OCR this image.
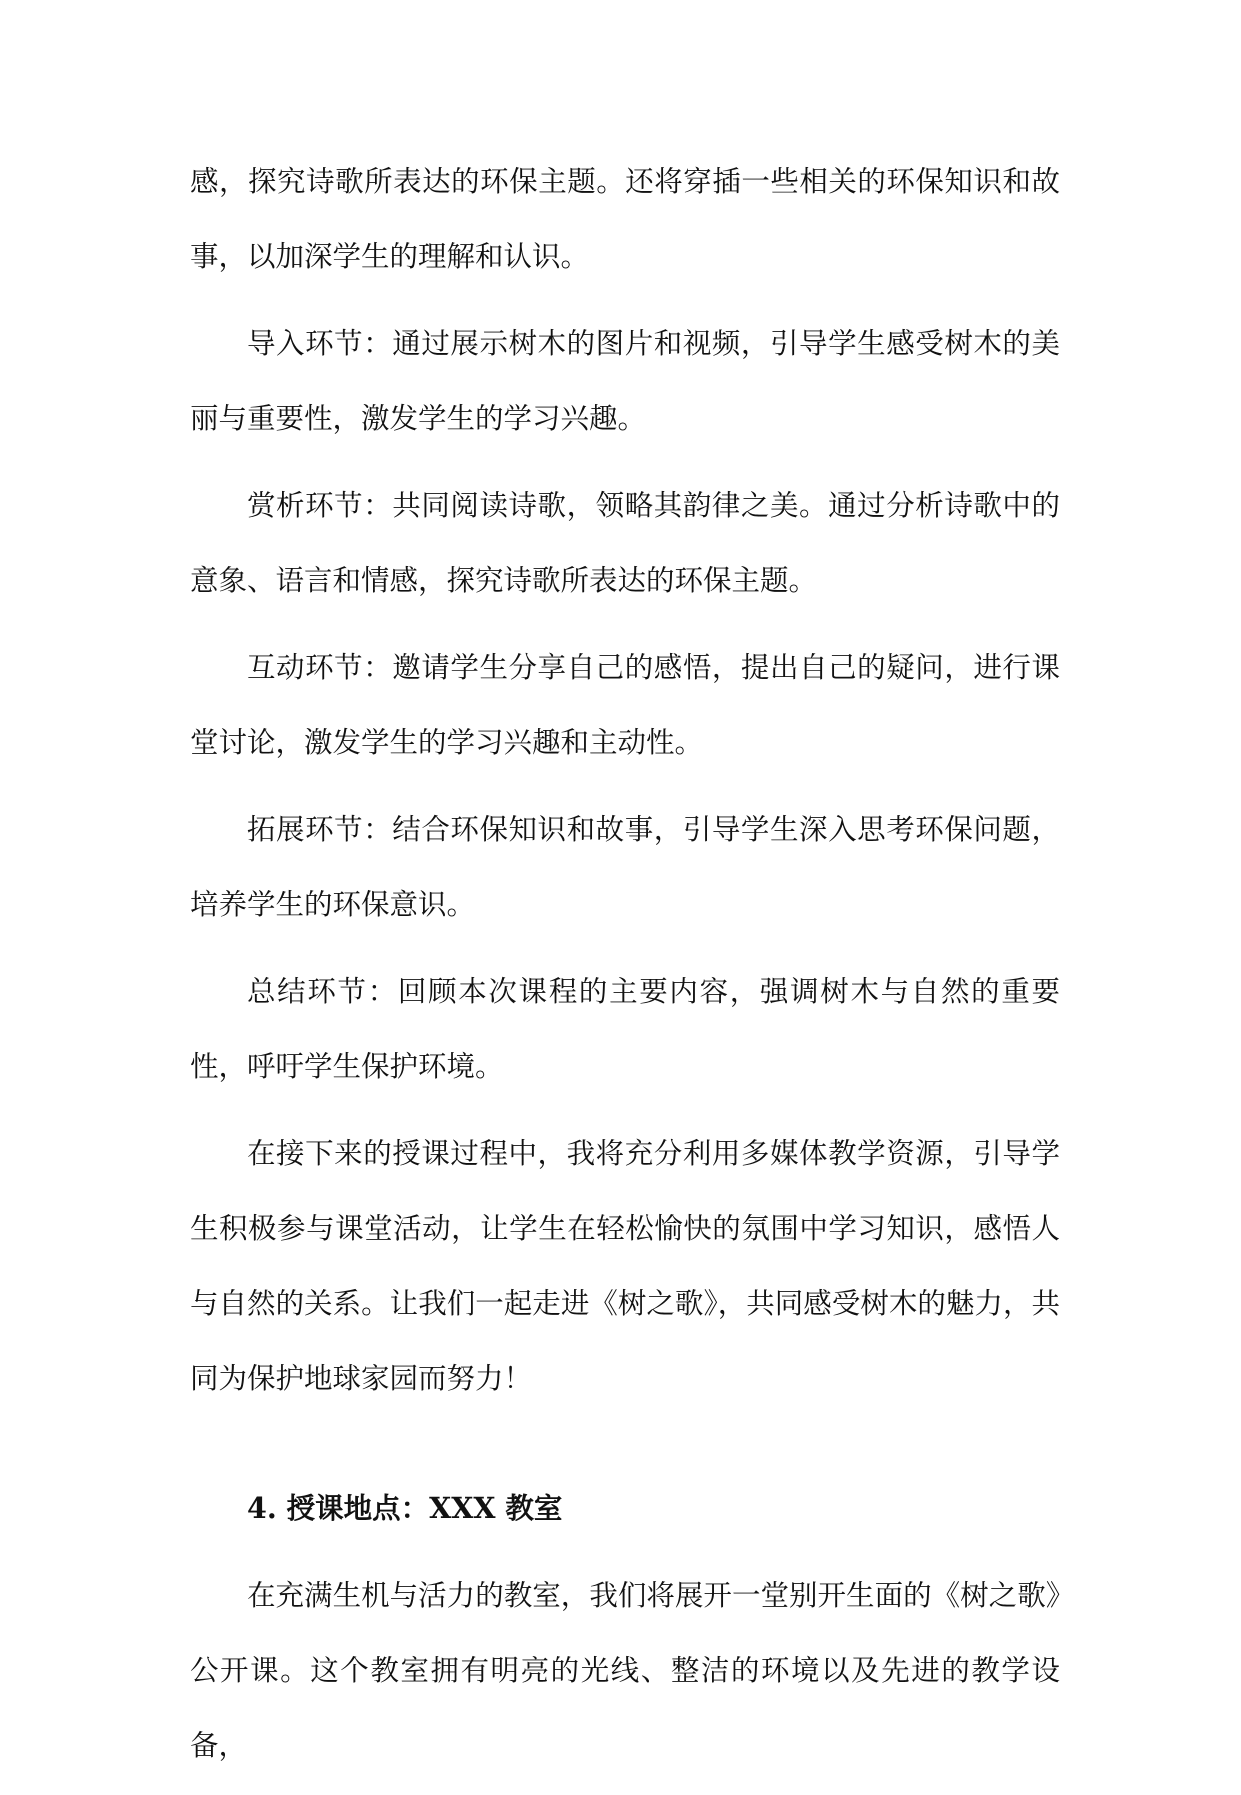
感，探究诗歌所表达的环保主题。还将穿插一些相关的环保知识和故事，以加深学生的理解和认识。

导入环节：通过展示树木的图片和视频，引导学生感受树木的美丽与重要性，激发学生的学习兴趣。

赏析环节：共同阅读诗歌，领略其韵律之美。通过分析诗歌中的意象、语言和情感，探究诗歌所表达的环保主题。

互动环节：邀请学生分享自己的感悟，提出自己的疑问，进行课堂讨论，激发学生的学习兴趣和主动性。

拓展环节：结合环保知识和故事，引导学生深入思考环保问题，培养学生的环保意识。

总结环节：回顾本次课程的主要内容，强调树木与自然的重要性，呼吁学生保护环境。

在接下来的授课过程中，我将充分利用多媒体教学资源，引导学生积极参与课堂活动，让学生在轻松愉快的氛围中学习知识，感悟人与自然的关系。让我们一起走进《树之歌》，共同感受树木的魅力，共同为保护地球家园而努力！

4. 授课地点：XXX 教室

在充满生机与活力的教室，我们将展开一堂别开生面的《树之歌》公开课。这个教室拥有明亮的光线、整洁的环境以及先进的教学设备，
